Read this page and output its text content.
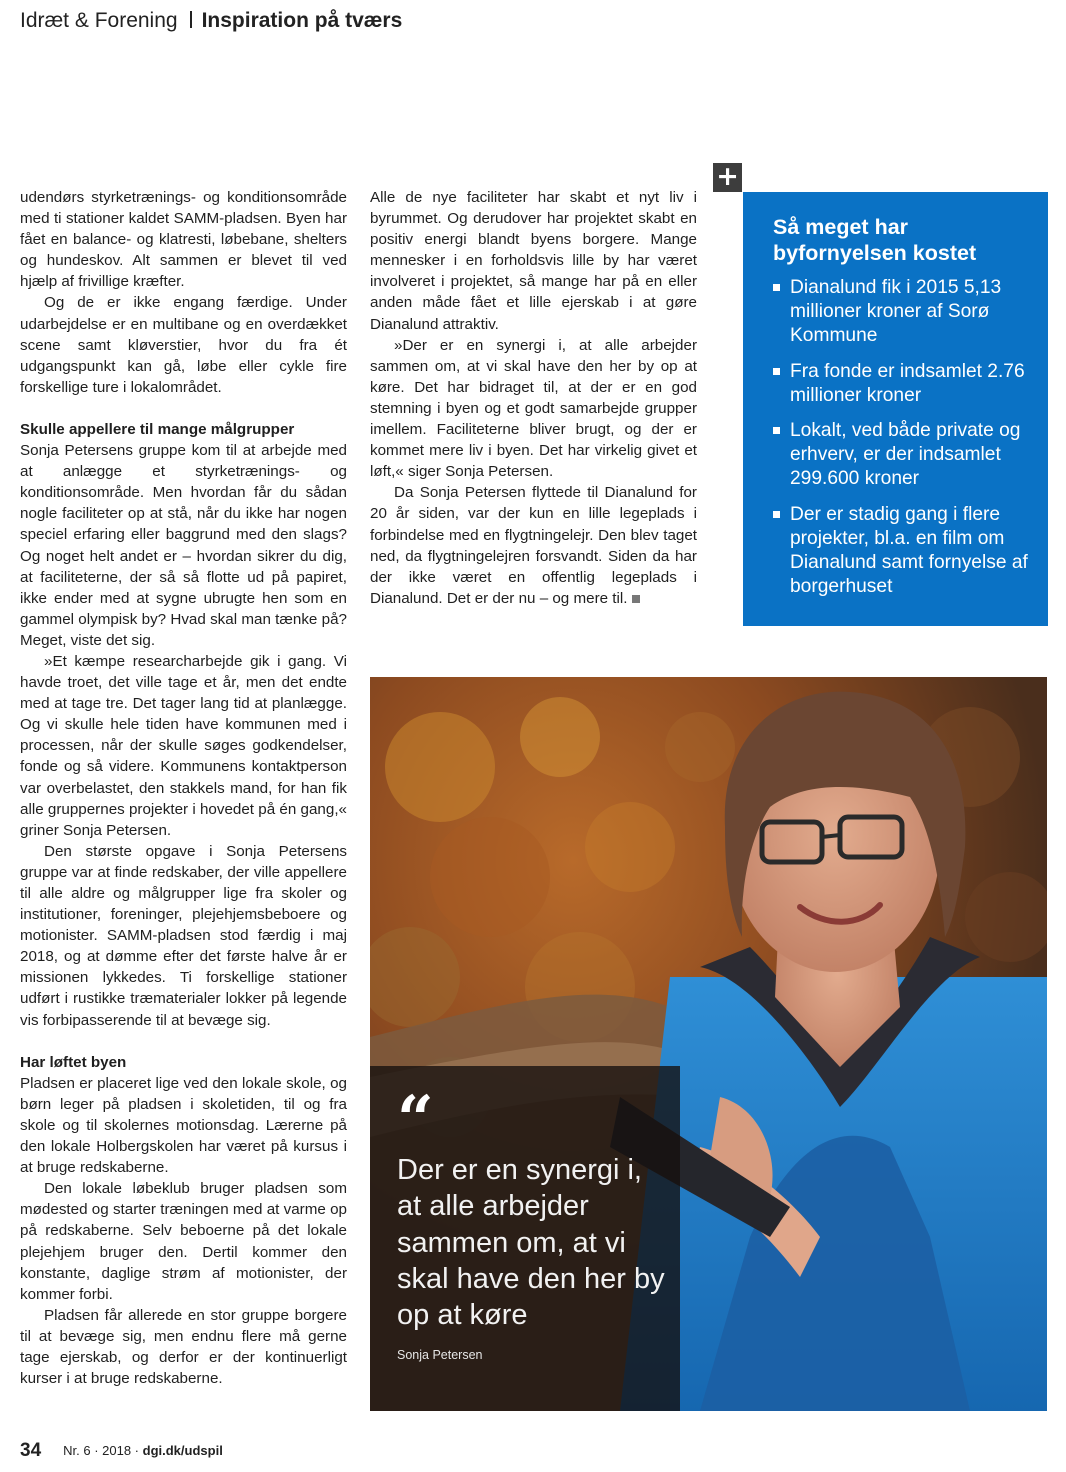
Idræt & Forening Inspiration på tværs

udendørs styrketrænings- og konditionsområde med ti stationer kaldet SAMM-pladsen. Byen har fået en balance- og klatresti, løbebane, shelters og hundeskov. Alt sammen er blevet til ved hjælp af frivillige kræfter.

Og de er ikke engang færdige. Under udarbejdelse er en multibane og en overdækket scene samt kløverstier, hvor du fra ét udgangspunkt kan gå, løbe eller cykle fire forskellige ture i lokalområdet.

Skulle appellere til mange målgrupper

Sonja Petersens gruppe kom til at arbejde med at anlægge et styrketrænings- og konditionsområde. Men hvordan får du sådan nogle faciliteter op at stå, når du ikke har nogen speciel erfaring eller baggrund med den slags? Og noget helt andet er – hvordan sikrer du dig, at faciliteterne, der så så flotte ud på papiret, ikke ender med at sygne ubrugte hen som en gammel olympisk by? Hvad skal man tænke på? Meget, viste det sig.

»Et kæmpe researcharbejde gik i gang. Vi havde troet, det ville tage et år, men det endte med at tage tre. Det tager lang tid at planlægge. Og vi skulle hele tiden have kommunen med i processen, når der skulle søges godkendelser, fonde og så videre. Kommunens kontaktperson var overbelastet, den stakkels mand, for han fik alle gruppernes projekter i hovedet på én gang,« griner Sonja Petersen.

Den største opgave i Sonja Petersens gruppe var at finde redskaber, der ville appellere til alle aldre og målgrupper lige fra skoler og institutioner, foreninger, plejehjemsbeboere og motionister. SAMM-pladsen stod færdig i maj 2018, og at dømme efter det første halve år er missionen lykkedes. Ti forskellige stationer udført i rustikke træmaterialer lokker på legende vis forbipasserende til at bevæge sig.

Har løftet byen

Pladsen er placeret lige ved den lokale skole, og børn leger på pladsen i skoletiden, til og fra skole og til skolernes motionsdag. Lærerne på den lokale Holbergskolen har været på kursus i at bruge redskaberne.

Den lokale løbeklub bruger pladsen som mødested og starter træningen med at varme op på redskaberne. Selv beboerne på det lokale plejehjem bruger den. Dertil kommer den konstante, daglige strøm af motionister, der kommer forbi.

Pladsen får allerede en stor gruppe borgere til at bevæge sig, men endnu flere må gerne tage ejerskab, og derfor er der kontinuerligt kurser i at bruge redskaberne.

Alle de nye faciliteter har skabt et nyt liv i byrummet. Og derudover har projektet skabt en positiv energi blandt byens borgere. Mange mennesker i en forholdsvis lille by har været involveret i projektet, så mange har på en eller anden måde fået et lille ejerskab i at gøre Dianalund attraktiv.

»Der er en synergi i, at alle arbejder sammen om, at vi skal have den her by op at køre. Det har bidraget til, at der er en god stemning i byen og et godt samarbejde grupper imellem. Faciliteterne bliver brugt, og der er kommet mere liv i byen. Det har virkelig givet et løft,« siger Sonja Petersen.

Da Sonja Petersen flyttede til Dianalund for 20 år siden, var der kun en lille legeplads i forbindelse med en flygtningelejr. Den blev taget ned, da flygtningelejren forsvandt. Siden da har der ikke været en offentlig legeplads i Dianalund. Det er der nu – og mere til.

+
Så meget har byfornyelsen kostet
Dianalund fik i 2015 5,13 millioner kroner af Sorø Kommune
Fra fonde er indsamlet 2.76 millioner kroner
Lokalt, ved både private og erhverv, er der indsamlet 299.600 kroner
Der er stadig gang i flere projekter, bl.a. en film om Dianalund samt fornyelse af borgerhuset
“
Der er en synergi i, at alle arbejder sammen om, at vi skal have den her by op at køre
Sonja Petersen
34 Nr. 6 · 2018 · dgi.dk/udspil
